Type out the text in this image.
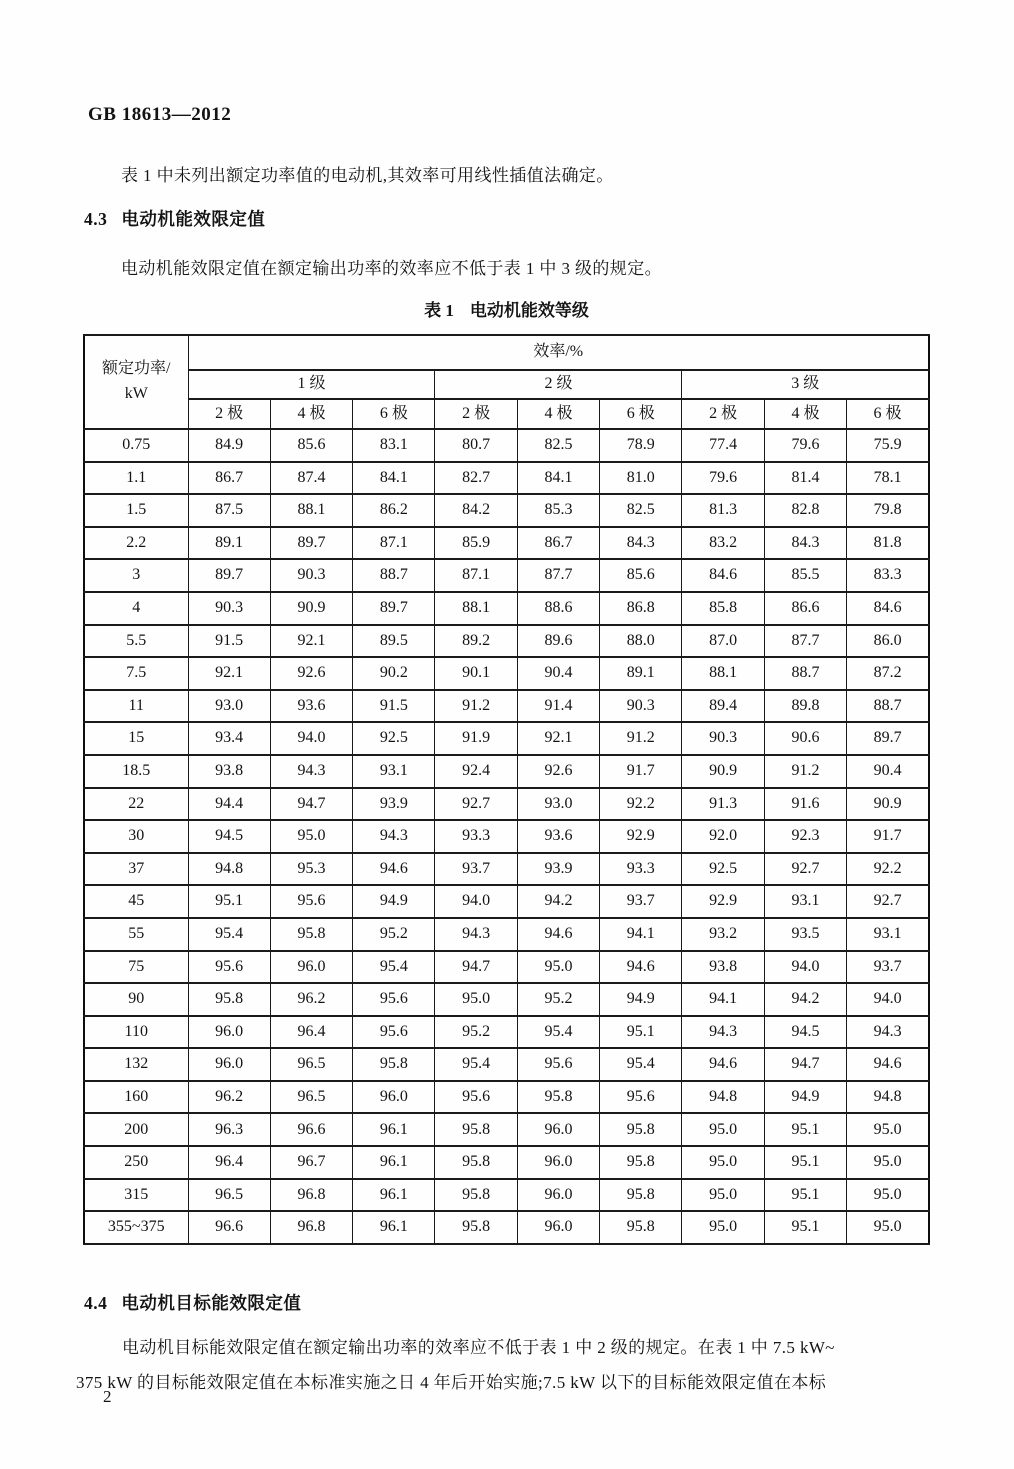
GB 18613—2012
表 1 中未列出额定功率值的电动机,其效率可用线性插值法确定。
4.3 电动机能效限定值
电动机能效限定值在额定输出功率的效率应不低于表 1 中 3 级的规定。
表 1 电动机能效等级
额定功率/
kW	效率/%								
	1 级			2 级			3 级		
	2 极	4 极	6 极	2 极	4 极	6 极	2 极	4 极	6 极
0.75	84.9	85.6	83.1	80.7	82.5	78.9	77.4	79.6	75.9
1.1	86.7	87.4	84.1	82.7	84.1	81.0	79.6	81.4	78.1
1.5	87.5	88.1	86.2	84.2	85.3	82.5	81.3	82.8	79.8
2.2	89.1	89.7	87.1	85.9	86.7	84.3	83.2	84.3	81.8
3	89.7	90.3	88.7	87.1	87.7	85.6	84.6	85.5	83.3
4	90.3	90.9	89.7	88.1	88.6	86.8	85.8	86.6	84.6
5.5	91.5	92.1	89.5	89.2	89.6	88.0	87.0	87.7	86.0
7.5	92.1	92.6	90.2	90.1	90.4	89.1	88.1	88.7	87.2
11	93.0	93.6	91.5	91.2	91.4	90.3	89.4	89.8	88.7
15	93.4	94.0	92.5	91.9	92.1	91.2	90.3	90.6	89.7
18.5	93.8	94.3	93.1	92.4	92.6	91.7	90.9	91.2	90.4
22	94.4	94.7	93.9	92.7	93.0	92.2	91.3	91.6	90.9
30	94.5	95.0	94.3	93.3	93.6	92.9	92.0	92.3	91.7
37	94.8	95.3	94.6	93.7	93.9	93.3	92.5	92.7	92.2
45	95.1	95.6	94.9	94.0	94.2	93.7	92.9	93.1	92.7
55	95.4	95.8	95.2	94.3	94.6	94.1	93.2	93.5	93.1
75	95.6	96.0	95.4	94.7	95.0	94.6	93.8	94.0	93.7
90	95.8	96.2	95.6	95.0	95.2	94.9	94.1	94.2	94.0
110	96.0	96.4	95.6	95.2	95.4	95.1	94.3	94.5	94.3
132	96.0	96.5	95.8	95.4	95.6	95.4	94.6	94.7	94.6
160	96.2	96.5	96.0	95.6	95.8	95.6	94.8	94.9	94.8
200	96.3	96.6	96.1	95.8	96.0	95.8	95.0	95.1	95.0
250	96.4	96.7	96.1	95.8	96.0	95.8	95.0	95.1	95.0
315	96.5	96.8	96.1	95.8	96.0	95.8	95.0	95.1	95.0
355~375	96.6	96.8	96.1	95.8	96.0	95.8	95.0	95.1	95.0
4.4 电动机目标能效限定值
电动机目标能效限定值在额定输出功率的效率应不低于表 1 中 2 级的规定。在表 1 中 7.5 kW~
375 kW 的目标能效限定值在本标准实施之日 4 年后开始实施;7.5 kW 以下的目标能效限定值在本标
2
